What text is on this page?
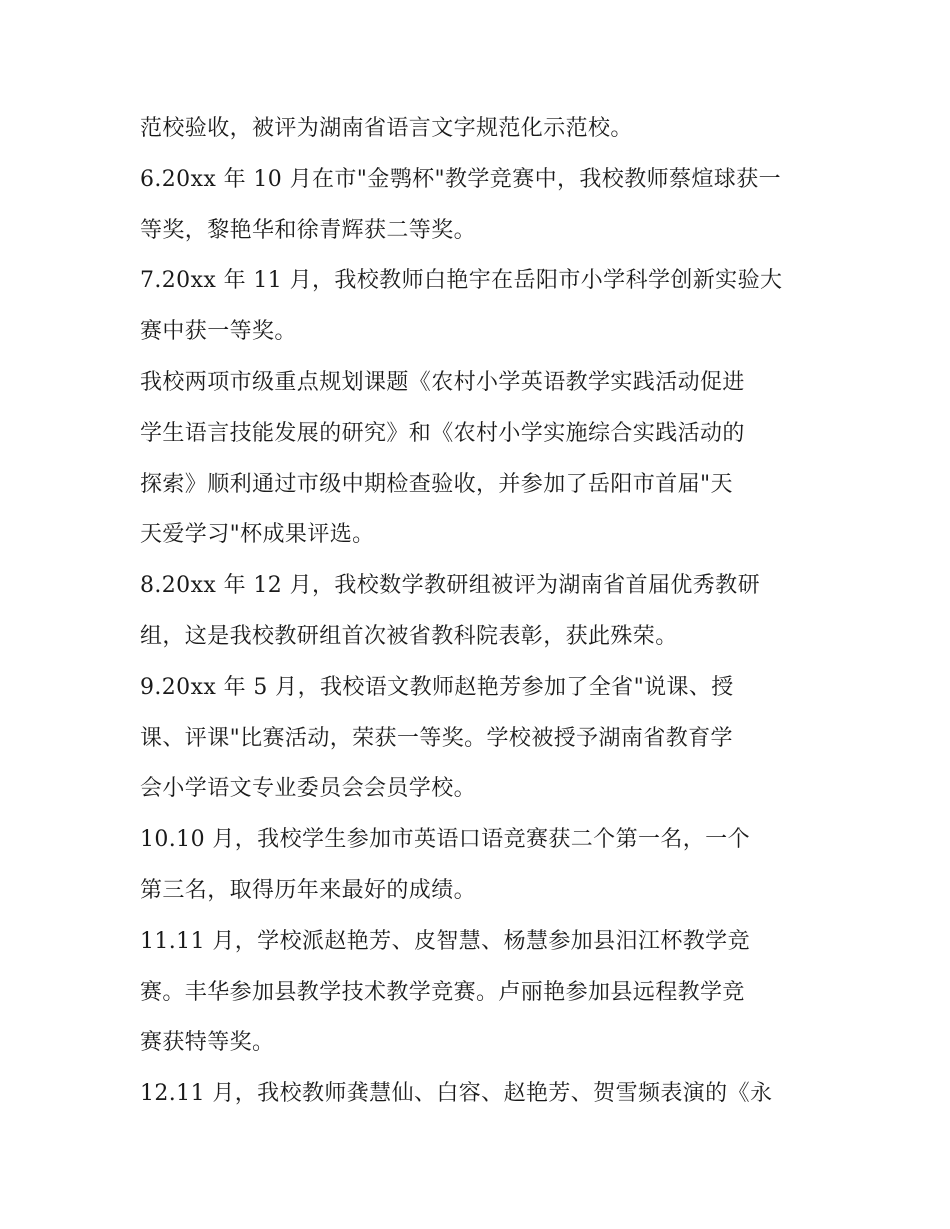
范校验收，被评为湖南省语言文字规范化示范校。
6.20xx 年 10 月在市"金鹗杯"教学竞赛中，我校教师蔡煊球获一
等奖，黎艳华和徐青辉获二等奖。
7.20xx 年 11 月，我校教师白艳宇在岳阳市小学科学创新实验大
赛中获一等奖。
我校两项市级重点规划课题《农村小学英语教学实践活动促进
学生语言技能发展的研究》和《农村小学实施综合实践活动的
探索》顺利通过市级中期检查验收，并参加了岳阳市首届"天
天爱学习"杯成果评选。
8.20xx 年 12 月，我校数学教研组被评为湖南省首届优秀教研
组，这是我校教研组首次被省教科院表彰，获此殊荣。
9.20xx 年 5 月，我校语文教师赵艳芳参加了全省"说课、授
课、评课"比赛活动，荣获一等奖。学校被授予湖南省教育学
会小学语文专业委员会会员学校。
10.10 月，我校学生参加市英语口语竞赛获二个第一名，一个
第三名，取得历年来最好的成绩。
11.11 月，学校派赵艳芳、皮智慧、杨慧参加县汨江杯教学竞
赛。丰华参加县教学技术教学竞赛。卢丽艳参加县远程教学竞
赛获特等奖。
12.11 月，我校教师龚慧仙、白容、赵艳芳、贺雪频表演的《永
